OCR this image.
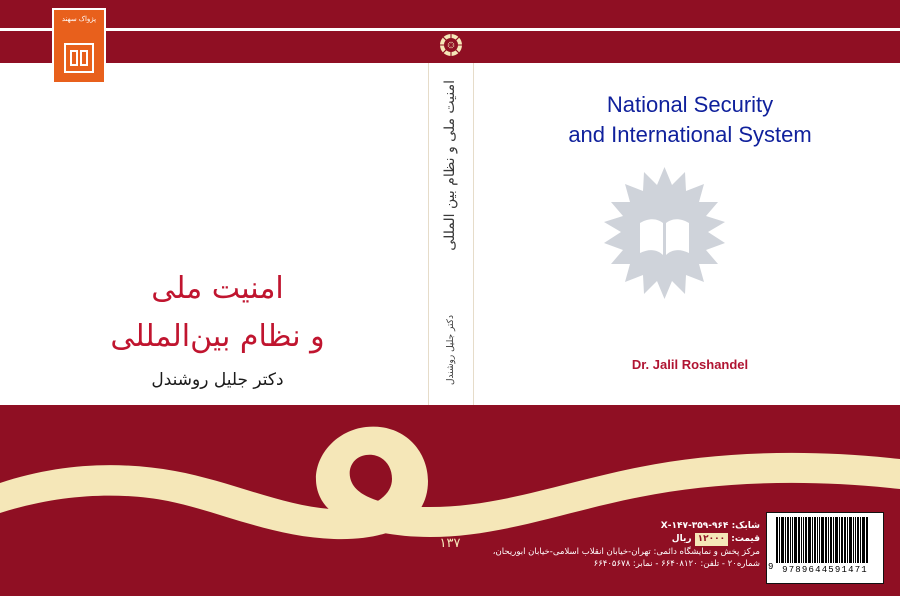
پژواک سهند
امنیت ملی و نظام بین المللی
دکتر جلیل روشندل
National Security
and International System
Dr. Jalil Roshandel
امنیت ملی
و نظام بین‌المللی
دکتر جلیل روشندل
۱۳۷
شابک: ۹۶۴-۳۵۹-۱۴۷-X
قیمت: ۱۲۰۰۰ ریال
مرکز پخش و نمایشگاه دائمی: تهران-خیابان انقلاب اسلامی-خیابان ابوریحان،
شماره۲۰ - تلفن: ۶۶۴۰۸۱۲۰ - نمابر: ۶۶۴۰۵۶۷۸
9789644591471
9
